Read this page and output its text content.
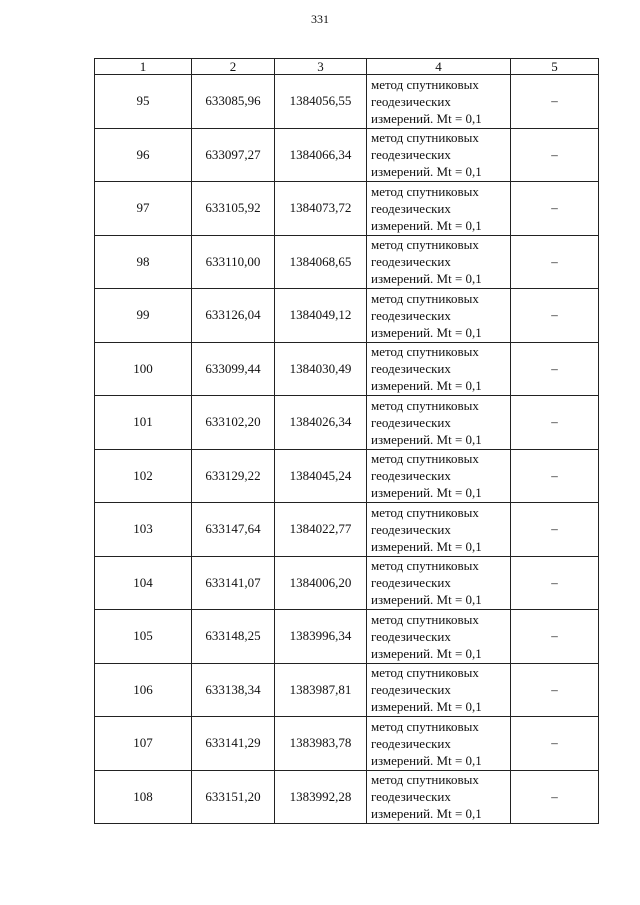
331
1	2	3	4	5
95	633085,96	1384056,55	метод спутниковых
геодезических
измерений. Mt = 0,1	–
96	633097,27	1384066,34	метод спутниковых
геодезических
измерений. Mt = 0,1	–
97	633105,92	1384073,72	метод спутниковых
геодезических
измерений. Mt = 0,1	–
98	633110,00	1384068,65	метод спутниковых
геодезических
измерений. Mt = 0,1	–
99	633126,04	1384049,12	метод спутниковых
геодезических
измерений. Mt = 0,1	–
100	633099,44	1384030,49	метод спутниковых
геодезических
измерений. Mt = 0,1	–
101	633102,20	1384026,34	метод спутниковых
геодезических
измерений. Mt = 0,1	–
102	633129,22	1384045,24	метод спутниковых
геодезических
измерений. Mt = 0,1	–
103	633147,64	1384022,77	метод спутниковых
геодезических
измерений. Mt = 0,1	–
104	633141,07	1384006,20	метод спутниковых
геодезических
измерений. Mt = 0,1	–
105	633148,25	1383996,34	метод спутниковых
геодезических
измерений. Mt = 0,1	–
106	633138,34	1383987,81	метод спутниковых
геодезических
измерений. Mt = 0,1	–
107	633141,29	1383983,78	метод спутниковых
геодезических
измерений. Mt = 0,1	–
108	633151,20	1383992,28	метод спутниковых
геодезических
измерений. Mt = 0,1	–
